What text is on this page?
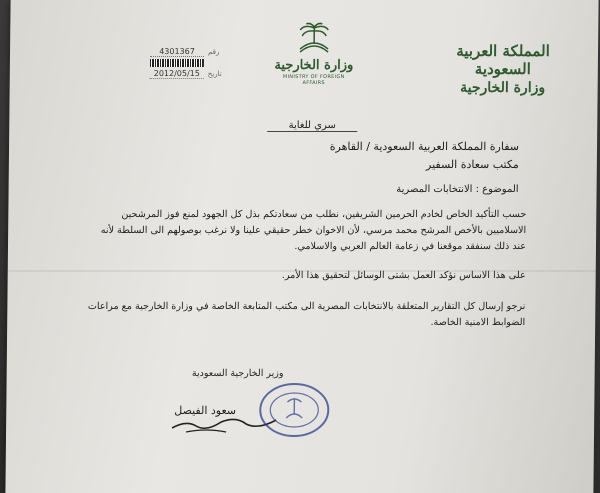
المملكة العربية السعودية
وزارة الخارجية
وزارة الخارجية
MINISTRY OF FOREIGN AFFAIRS
4301367	رقم
2012/05/15	تاريخ
سري للغاية
سفارة المملكة العربية السعودية / القاهرة
مكتب سعادة السفير
الموضوع : الانتخابات المصرية
حسب التأكيد الخاص لخادم الحرمين الشريفين، نطلب من سعادتكم بذل كل الجهود لمنع فوز المرشحين الاسلاميين بالأخص المرشح محمد مرسي، لأن الاخوان خطر حقيقي علينا ولا نرغب بوصولهم الى السلطة لأنه عند ذلك سنفقد موقعنا في زعامة العالم العربي والاسلامي.
على هذا الاساس نؤكد العمل بشتى الوسائل لتحقيق هذا الأمر.
نرجو إرسال كل التقارير المتعلقة بالانتخابات المصرية الى مكتب المتابعة الخاصة في وزارة الخارجية مع مراعات الضوابط الامنية الخاصة.
وزير الخارجية السعودية
سعود الفيصل
